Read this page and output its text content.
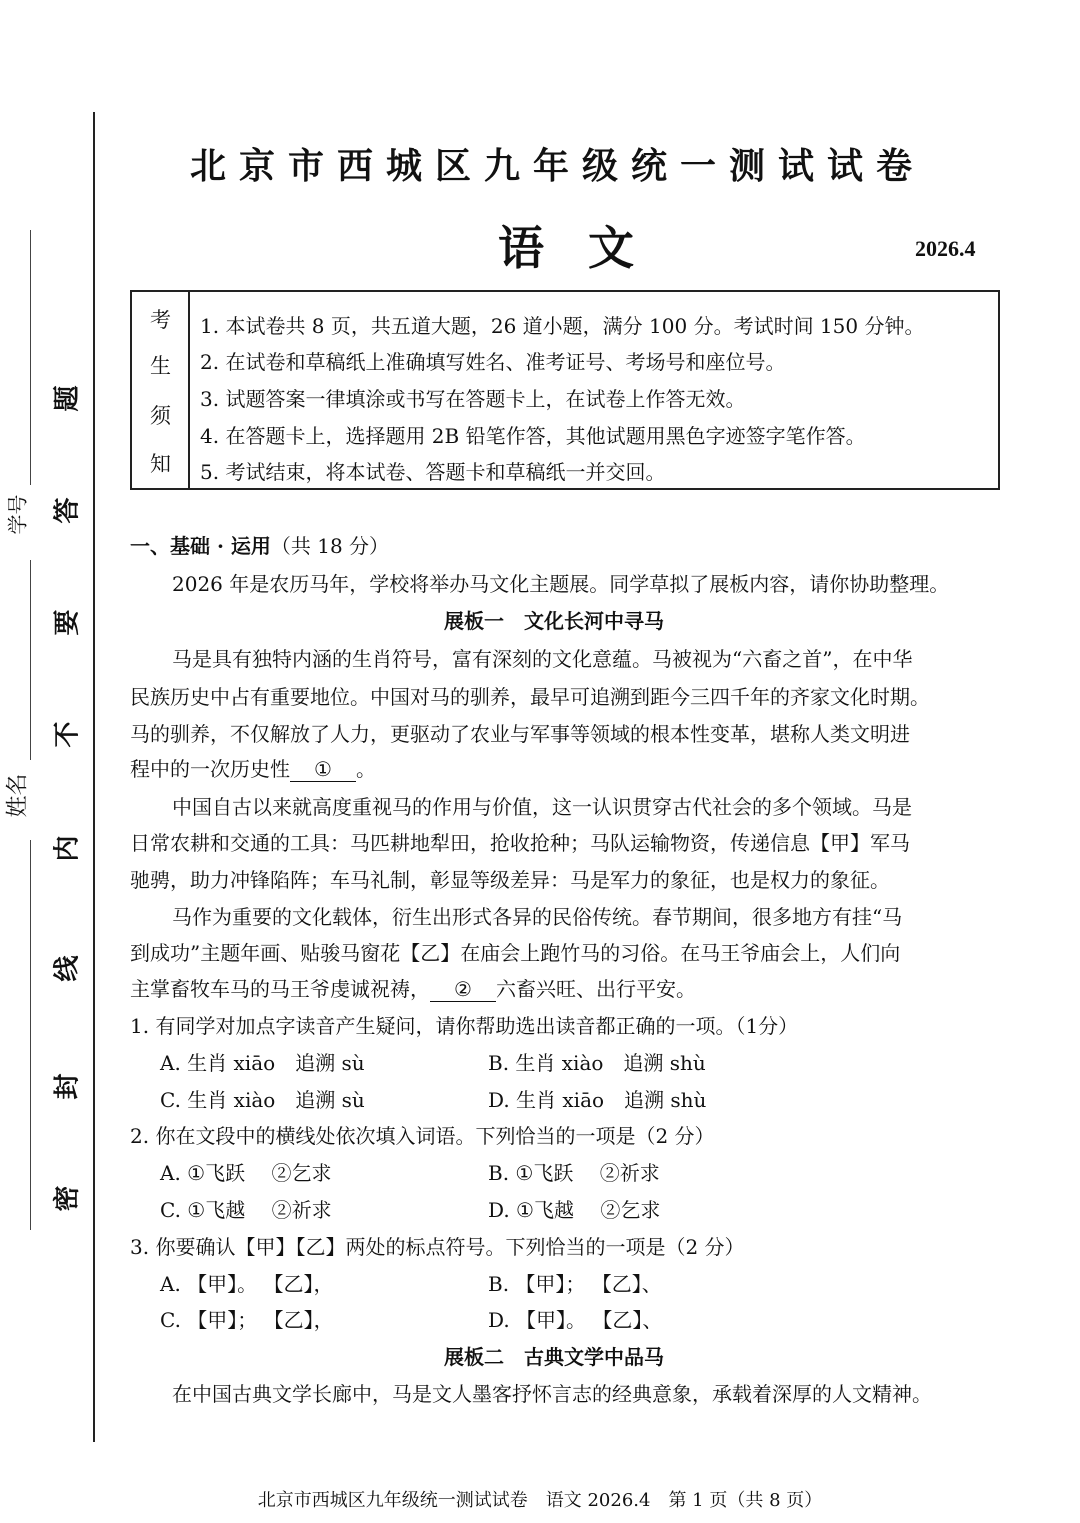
题
答
要
不
内
线
封
密
学号
姓名
北京市西城区九年级统一测试试卷
语文	2026.4
考
生
须
知
1. 本试卷共 8 页，共五道大题，26 道小题，满分 100 分。考试时间 150 分钟。
2. 在试卷和草稿纸上准确填写姓名、准考证号、考场号和座位号。
3. 试题答案一律填涂或书写在答题卡上，在试卷上作答无效。
4. 在答题卡上，选择题用 2B 铅笔作答，其他试题用黑色字迹签字笔作答。
5. 考试结束，将本试卷、答题卡和草稿纸一并交回。
一、基础 · 运用（共 18 分）
2026 年是农历马年，学校将举办马文化主题展。同学草拟了展板内容，请你协助整理。
展板一　文化长河中寻马
马是具有独特内涵的生肖符号，富有深刻的文化意蕴。马被视为“六畜之首”，在中华
民族历史中占有重要地位。中国对马的驯养，最早可追溯到距今三四千年的齐家文化时期。
马的驯养，不仅解放了人力，更驱动了农业与军事等领域的根本性变革，堪称人类文明进
程中的一次历史性 ① 。
中国自古以来就高度重视马的作用与价值，这一认识贯穿古代社会的多个领域。马是
日常农耕和交通的工具：马匹耕地犁田，抢收抢种；马队运输物资，传递信息【甲】军马
驰骋，助力冲锋陷阵；车马礼制，彰显等级差异：马是军力的象征，也是权力的象征。
马作为重要的文化载体，衍生出形式各异的民俗传统。春节期间，很多地方有挂“马
到成功”主题年画、贴骏马窗花【乙】在庙会上跑竹马的习俗。在马王爷庙会上，人们向
主掌畜牧车马的马王爷虔诚祝祷， ② 六畜兴旺、出行平安。
1. 有同学对加点字读音产生疑问，请你帮助选出读音都正确的一项。（1分）
A. 生肖 xiāo　追溯 sù	B. 生肖 xiào　追溯 shù
C. 生肖 xiào　追溯 sù	D. 生肖 xiāo　追溯 shù
2. 你在文段中的横线处依次填入词语。下列恰当的一项是（2 分）
A. ①飞跃　 ②乞求	B. ①飞跃　 ②祈求
C. ①飞越　 ②祈求	D. ①飞越　 ②乞求
3. 你要确认【甲】【乙】两处的标点符号。下列恰当的一项是（2 分）
A. 【甲】。 【乙】，	B. 【甲】； 【乙】、
C. 【甲】； 【乙】，	D. 【甲】。 【乙】、
展板二　古典文学中品马
在中国古典文学长廊中，马是文人墨客抒怀言志的经典意象，承载着深厚的人文精神。
北京市西城区九年级统一测试试卷　语文 2026.4　第 1 页（共 8 页）
